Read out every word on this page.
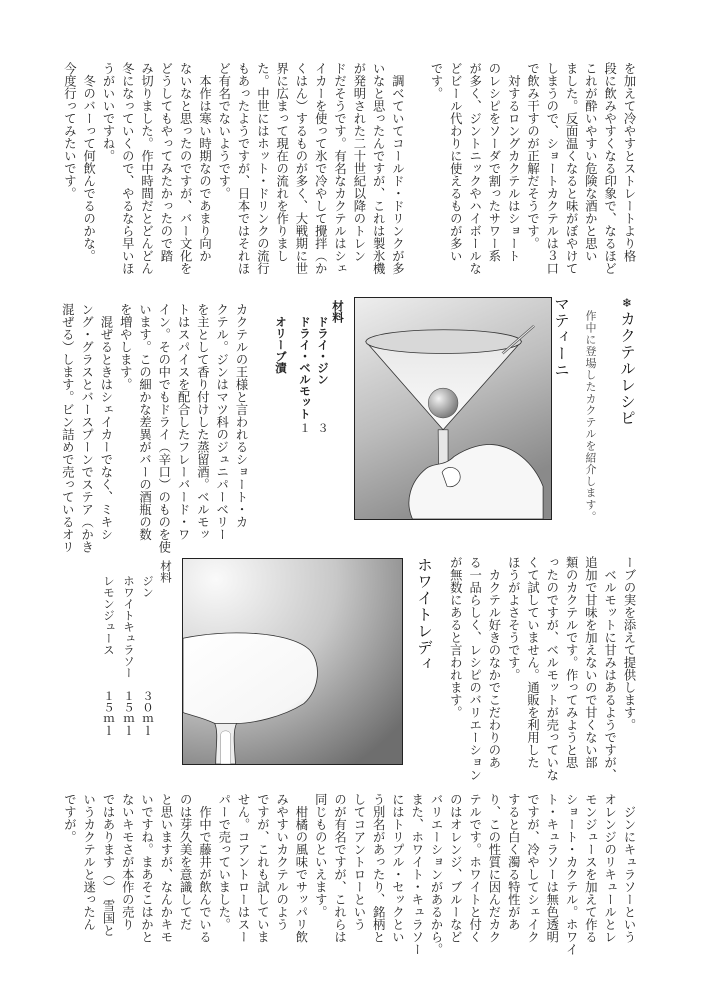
を加えて冷やすとストレートより格
段に飲みやすくなる印象で、なるほど
これが酔いやすい危険な酒かと思い
ました。反面温くなると味がぼやけて
しまうので、ショートカクテルは３口
で飲み干すのが正解だそうです。
　対するロングカクテルはショート
のレシピをソーダで割ったサワー系
が多く、ジントニックやハイボールな
どビール代わりに使えるものが多い
です。

　調べていてコールド・ドリンクが多
いなと思ったんですが、これは製氷機
が発明された二十世紀以降のトレン
ドだそうです。有名なカクテルはシェ
イカーを使って氷で冷やして攪拌（か
くはん）するものが多く、大戦期に世
界に広まって現在の流れを作りまし
た。中世にはホット・ドリンクの流行
もあったようですが、日本ではそれほ
ど有名でないようです。
　本作は寒い時期なのであまり向か
ないなと思ったのですが、バー文化を
どうしてもやってみたかったので踏
み切りました。作中時間だとどんどん
冬になっていくので、やるなら早いほ
うがいいですね。
　冬のバーって何飲んでるのかな。
今度行ってみたいです。
❄カクテルレシピ
作中に登場したカクテルを紹介します。
マティーニ
材料
ドライ・ジン
ドライ・ベルモット
オリーブ漬
３
１

カクテルの王様と言われるショート・カ
クテル。ジンはマツ科のジュニパーベリー
を主として香り付けした蒸留酒。ベルモッ
トはスパイスを配合したフレーバード・ワ
イン。その中でもドライ（辛口）のものを使
います。この細かな差異がバーの酒瓶の数
を増やします。
　混ぜるときはシェイカーでなく、ミキシ
ング・グラスとバースプーンでステア（かき
混ぜる）します。ビン詰めで売っているオリ
ーブの実を添えて提供します。
　ベルモットに甘みはあるようですが、
追加で甘味を加えないので甘くない部
類のカクテルです。作ってみようと思
ったのですが、ベルモットが売っていな
くて試していません。通販を利用した
ほうがよさそうです。
　カクテル好きのなかでこだわりのあ
る一品らしく、レシピのバリエーション
が無数にあると言われます。
ホワイトレディ
材料
ジン
ホワイトキュラソー
レモンジュース
３０ｍｌ
１５ｍｌ
１５ｍｌ
　ジンにキュラソーという
オレンジのリキュールとレ
モンジュースを加えて作る
ショート・カクテル。ホワイ
ト・キュラソーは無色透明
ですが、冷やしてシェイク
すると白く濁る特性があ
り、この性質に因んだカク
テルです。ホワイトと付く
のはオレンジ、ブルーなど
バリエーションがあるから。
また、ホワイト・キュラソー
にはトリプル・セックとい
う別名があったり、銘柄と
してコアントローという
のが有名ですが、これらは
同じものといえます。
　柑橘の風味でサッパリ飲
みやすいカクテルのよう
ですが、これも試していま
せん。コアントローはスー
パーで売っていました。
　作中で藤井が飲んでいる
のは芽久美を意識してだ
と思いますが、なんかキモ
いですね。まあそこはかと
ないキモさが本作の売り
ではあります（）　雪国と
いうカクテルと迷ったん
ですが。
